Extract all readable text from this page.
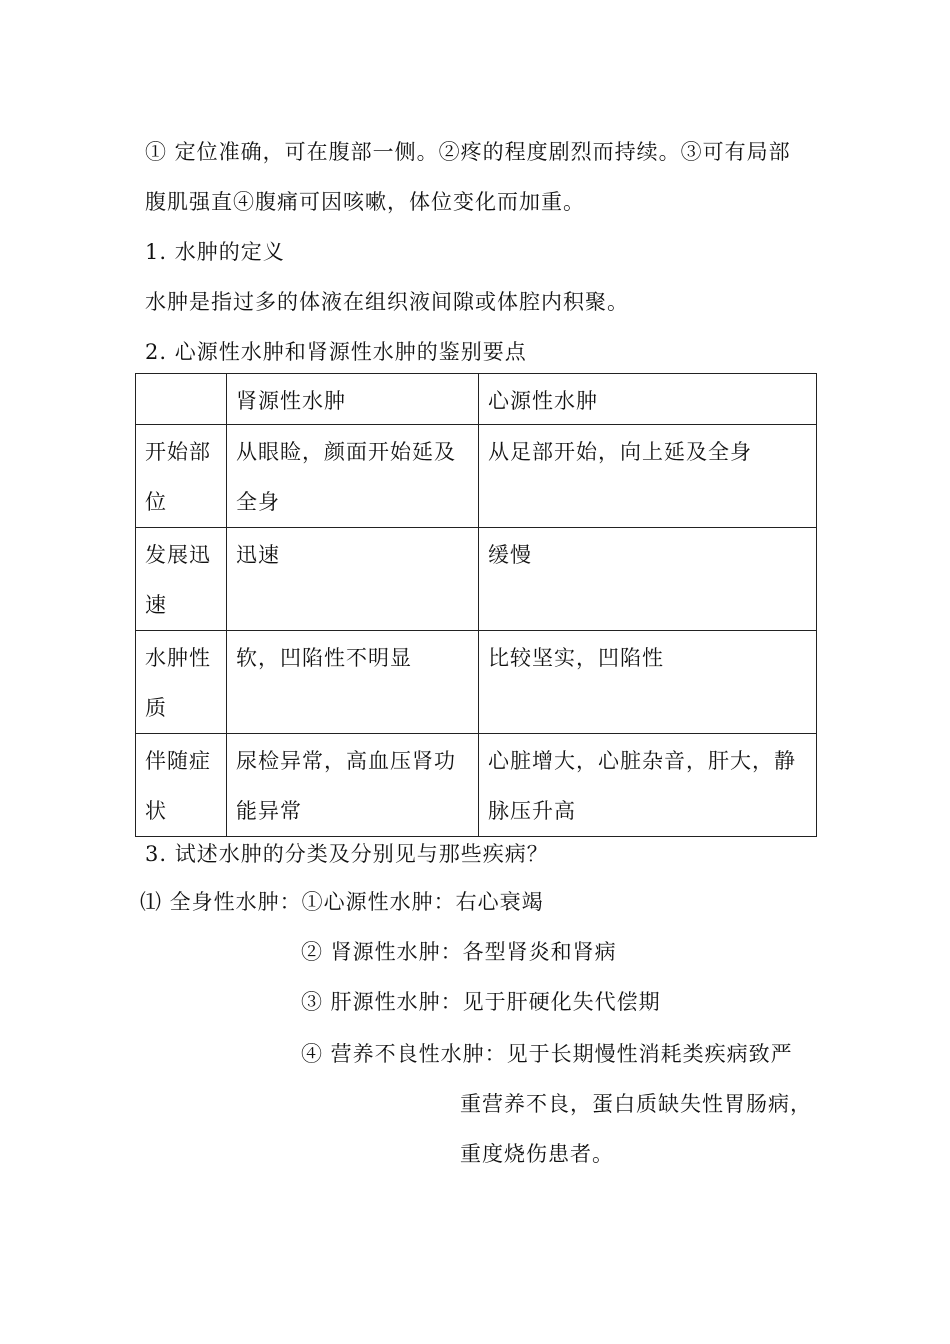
① 定位准确，可在腹部一侧。②疼的程度剧烈而持续。③可有局部
腹肌强直④腹痛可因咳嗽，体位变化而加重。
1. 水肿的定义
水肿是指过多的体液在组织液间隙或体腔内积聚。
2. 心源性水肿和肾源性水肿的鉴别要点
	肾源性水肿	心源性水肿
开始部位	从眼睑，颜面开始延及全身	从足部开始，向上延及全身
发展迅速	迅速	缓慢
水肿性质	软，凹陷性不明显	比较坚实，凹陷性
伴随症状	尿检异常，高血压肾功能异常	心脏增大，心脏杂音，肝大，静脉压升高
3. 试述水肿的分类及分别见与那些疾病？
⑴ 全身性水肿：①心源性水肿：右心衰竭
② 肾源性水肿：各型肾炎和肾病
③ 肝源性水肿：见于肝硬化失代偿期
④ 营养不良性水肿：见于长期慢性消耗类疾病致严
重营养不良，蛋白质缺失性胃肠病，
重度烧伤患者。
